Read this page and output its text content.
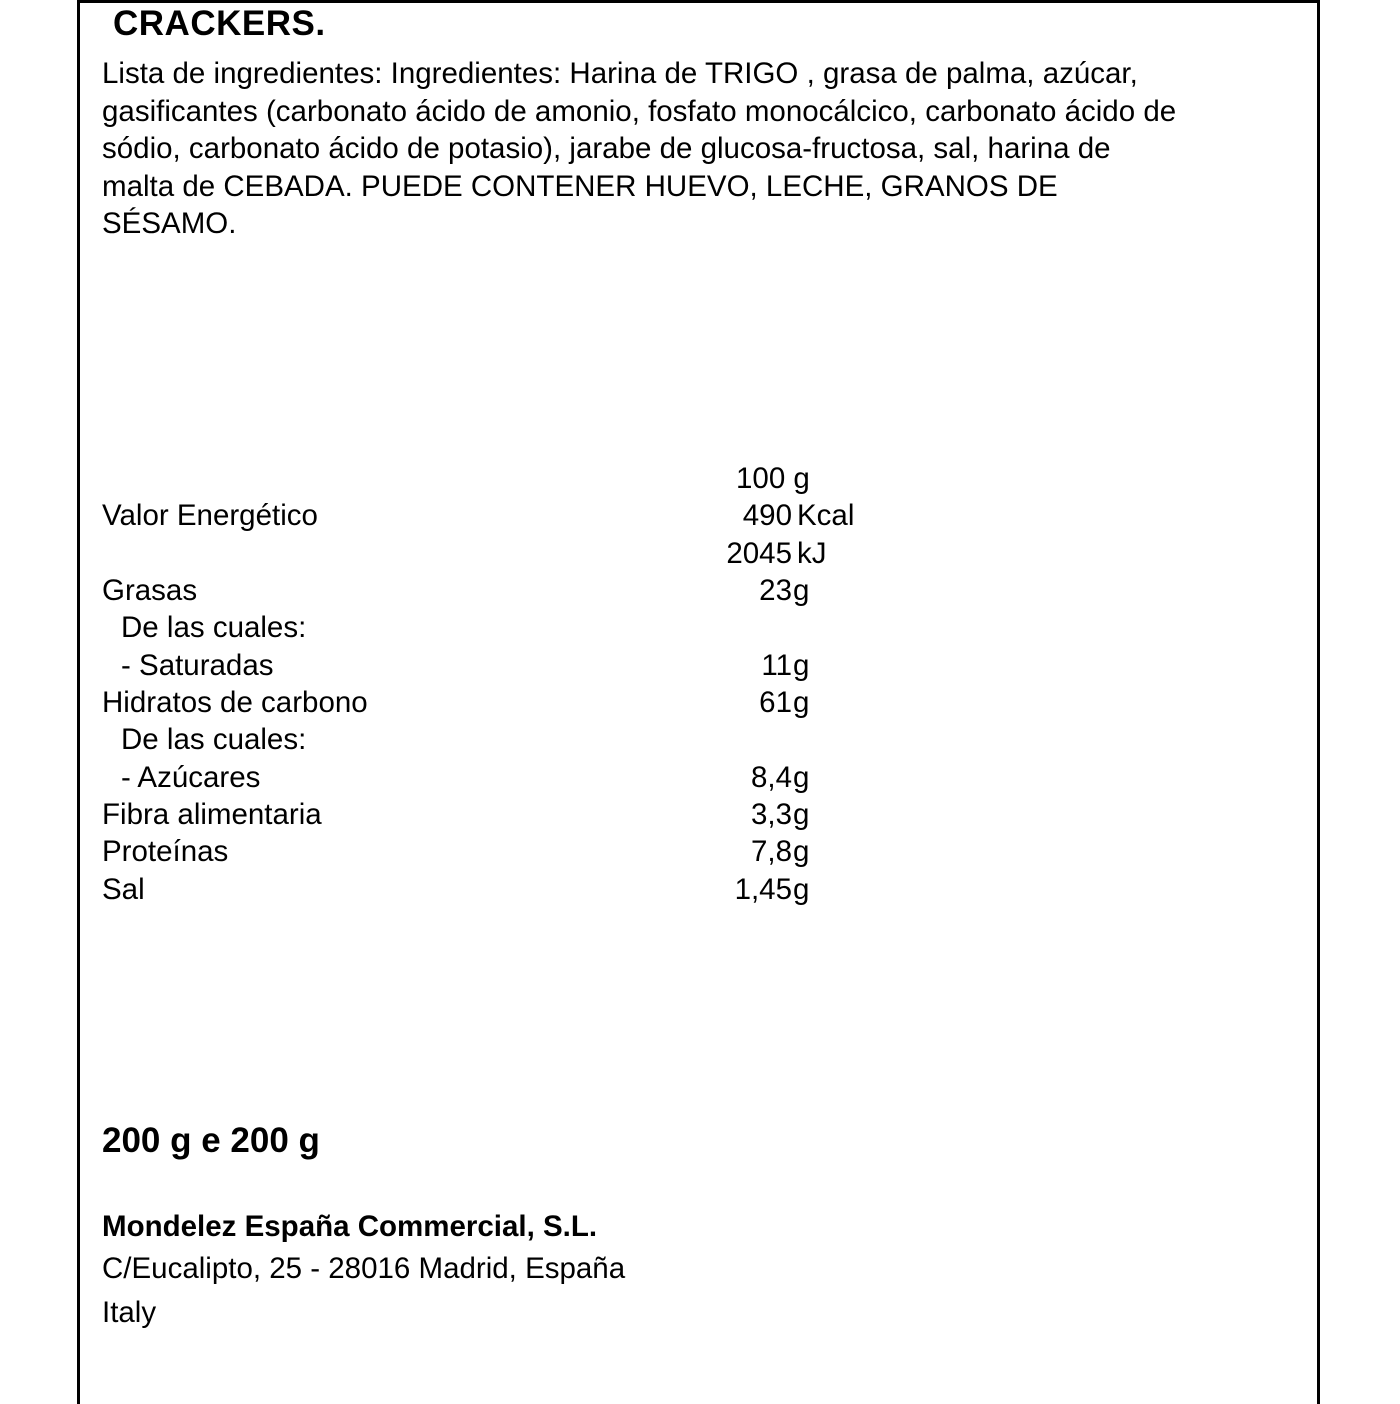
CRACKERS.

Lista de ingredientes: Ingredientes: Harina de TRIGO , grasa de palma, azúcar,

gasificantes (carbonato ácido de amonio, fosfato monocálcico, carbonato ácido de

sódio, carbonato ácido de potasio), jarabe de glucosa-fructosa, sal, harina de

malta de CEBADA. PUEDE CONTENER HUEVO, LECHE, GRANOS DE

SÉSAMO.

100 g
Valor Energético	490 Kcal
2045 kJ
Grasas	23 g
De las cuales:
- Saturadas	11 g
Hidratos de carbono	61 g
De las cuales:
- Azúcares	8,4 g
Fibra alimentaria	3,3 g
Proteínas	7,8 g
Sal	1,45 g
200 g e 200 g
Mondelez España Commercial, S.L.
C/Eucalipto, 25 - 28016 Madrid, España
Italy
